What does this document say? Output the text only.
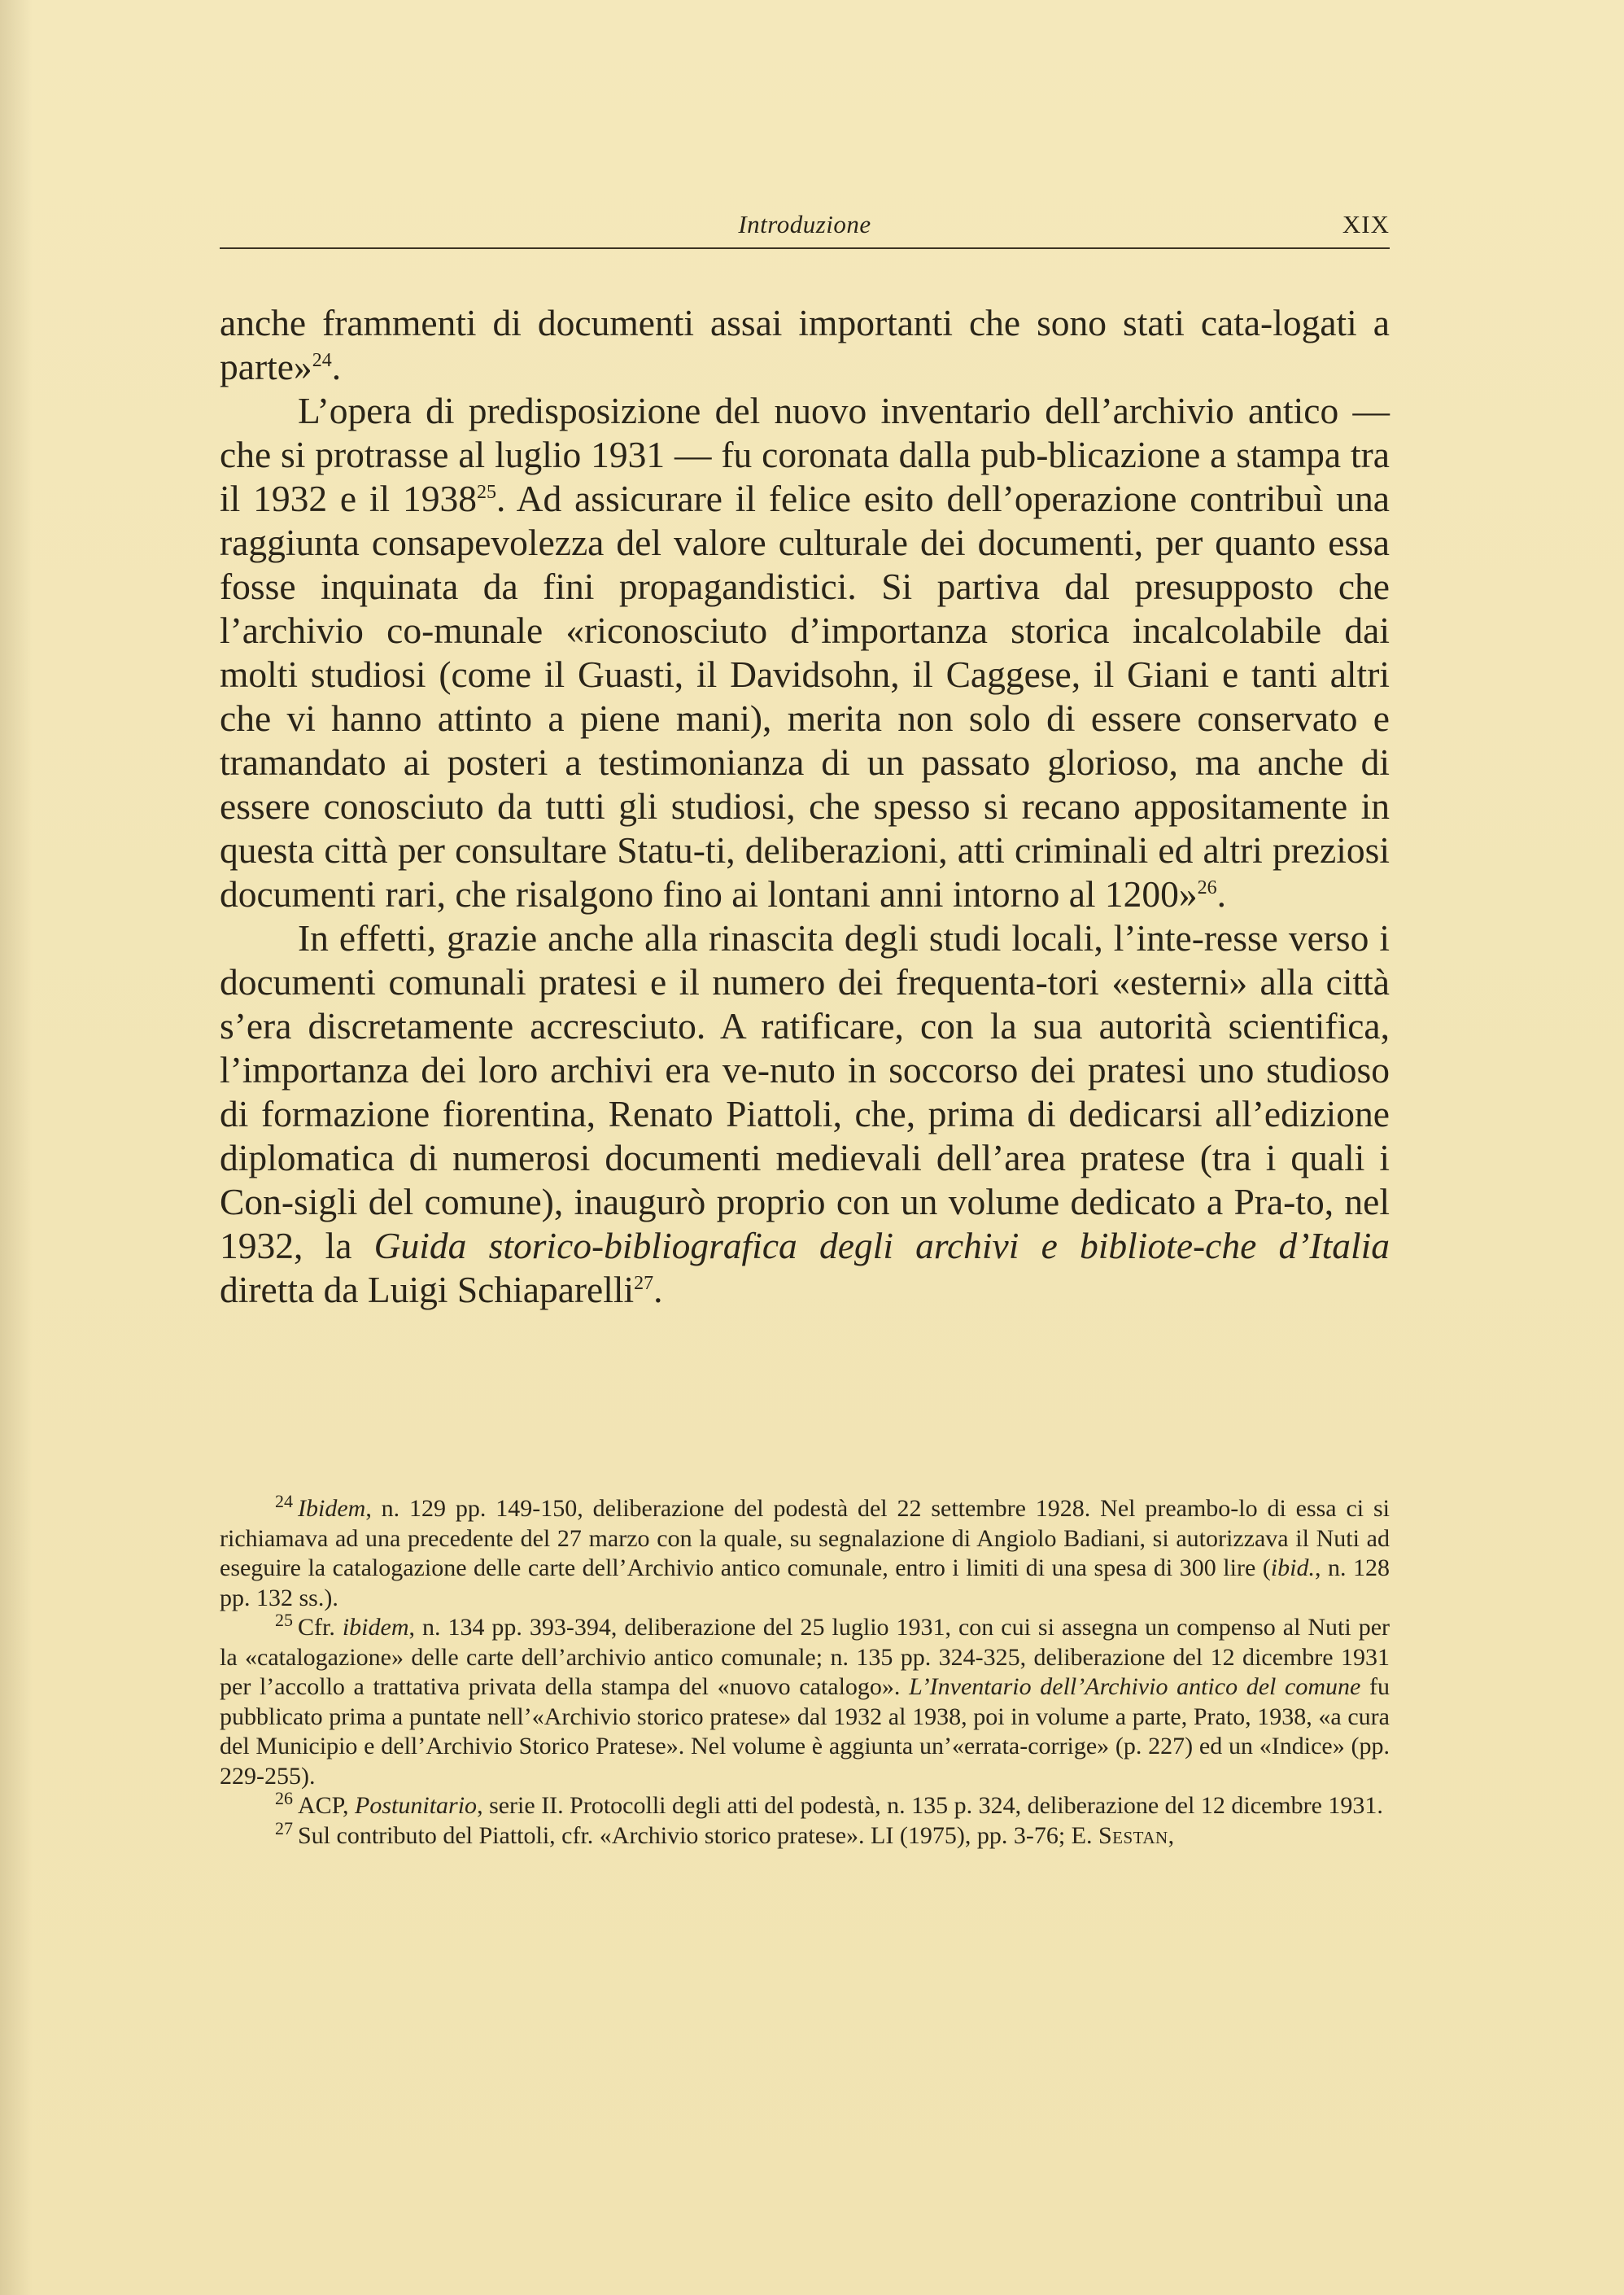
Introduzione	XIX

anche frammenti di documenti assai importanti che sono stati cata-logati a parte»$^{24}$.

L’opera di predisposizione del nuovo inventario dell’archivio antico — che si protrasse al luglio 1931 — fu coronata dalla pub-blicazione a stampa tra il 1932 e il 1938$^{25}$. Ad assicurare il felice esito dell’operazione contribuì una raggiunta consapevolezza del valore culturale dei documenti, per quanto essa fosse inquinata da fini propagandistici. Si partiva dal presupposto che l’archivio co-munale «riconosciuto d’importanza storica incalcolabile dai molti studiosi (come il Guasti, il Davidsohn, il Caggese, il Giani e tanti altri che vi hanno attinto a piene mani), merita non solo di essere conservato e tramandato ai posteri a testimonianza di un passato glorioso, ma anche di essere conosciuto da tutti gli studiosi, che spesso si recano appositamente in questa città per consultare Statu-ti, deliberazioni, atti criminali ed altri preziosi documenti rari, che risalgono fino ai lontani anni intorno al 1200»$^{26}$.

In effetti, grazie anche alla rinascita degli studi locali, l’inte-resse verso i documenti comunali pratesi e il numero dei frequenta-tori «esterni» alla città s’era discretamente accresciuto. A ratificare, con la sua autorità scientifica, l’importanza dei loro archivi era ve-nuto in soccorso dei pratesi uno studioso di formazione fiorentina, Renato Piattoli, che, prima di dedicarsi all’edizione diplomatica di numerosi documenti medievali dell’area pratese (tra i quali i Con-sigli del comune), inaugurò proprio con un volume dedicato a Pra-to, nel 1932, la Guida storico-bibliografica degli archivi e bibliote-che d’Italia diretta da Luigi Schiaparelli$^{27}$.

$^{24}$ Ibidem, n. 129 pp. 149-150, deliberazione del podestà del 22 settembre 1928. Nel preambo-lo di essa ci si richiamava ad una precedente del 27 marzo con la quale, su segnalazione di Angiolo Badiani, si autorizzava il Nuti ad eseguire la catalogazione delle carte dell’Archivio antico comunale, entro i limiti di una spesa di 300 lire (ibid., n. 128 pp. 132 ss.).

$^{25}$ Cfr. ibidem, n. 134 pp. 393-394, deliberazione del 25 luglio 1931, con cui si assegna un compenso al Nuti per la «catalogazione» delle carte dell’archivio antico comunale; n. 135 pp. 324-325, deliberazione del 12 dicembre 1931 per l’accollo a trattativa privata della stampa del «nuovo catalogo». L’Inventario dell’Archivio antico del comune fu pubblicato prima a puntate nell’«Archivio storico pratese» dal 1932 al 1938, poi in volume a parte, Prato, 1938, «a cura del Municipio e dell’Archivio Storico Pratese». Nel volume è aggiunta un’«errata-corrige» (p. 227) ed un «Indice» (pp. 229-255).

$^{26}$ ACP, Postunitario, serie II. Protocolli degli atti del podestà, n. 135 p. 324, deliberazione del 12 dicembre 1931.

$^{27}$ Sul contributo del Piattoli, cfr. «Archivio storico pratese». LI (1975), pp. 3-76; E. Sestan,
